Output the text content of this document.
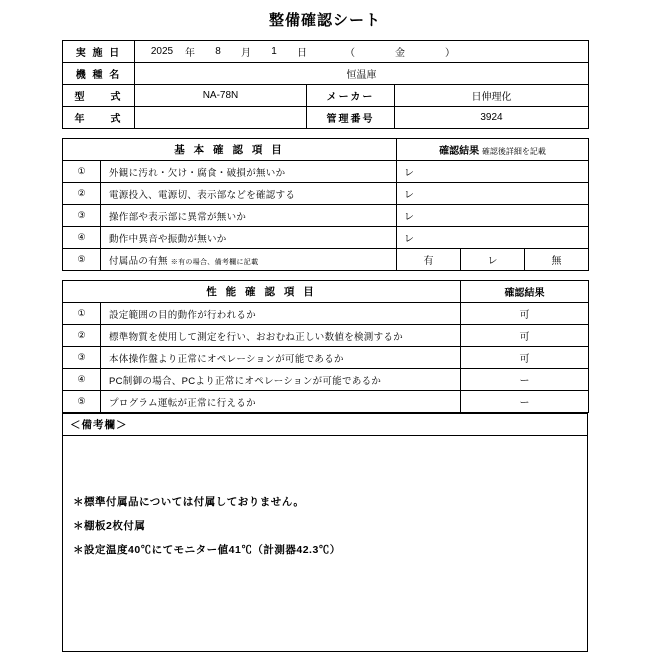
整備確認シート
実 施 日	2025	年	8	月	1	日	（	金	）

機 種 名	恒温庫		
型　　式	NA-78N	メーカー	日伸理化
年　　式		管理番号	3924
基 本 確 認 項 目		確認結果 確認後詳細を記載		
①	外観に汚れ・欠け・腐食・破損が無いか	レ		
②	電源投入、電源切、表示部などを確認する	レ		
③	操作部や表示部に異常が無いか	レ		
④	動作中異音や振動が無いか	レ		
⑤	付属品の有無 ※有の場合、備考欄に記載	有	レ	無
性 能 確 認 項 目		確認結果
①	設定範囲の目的動作が行われるか	可
②	標準物質を使用して測定を行い、おおむね正しい数値を検測するか	可
③	本体操作盤より正常にオペレーションが可能であるか	可
④	PC制御の場合、PCより正常にオペレーションが可能であるか	ー
⑤	プログラム運転が正常に行えるか	ー
＜備考欄＞

＊標準付属品については付属しておりません。
＊棚板2枚付属
＊設定温度40℃にてモニター値41℃（計測器42.3℃）
